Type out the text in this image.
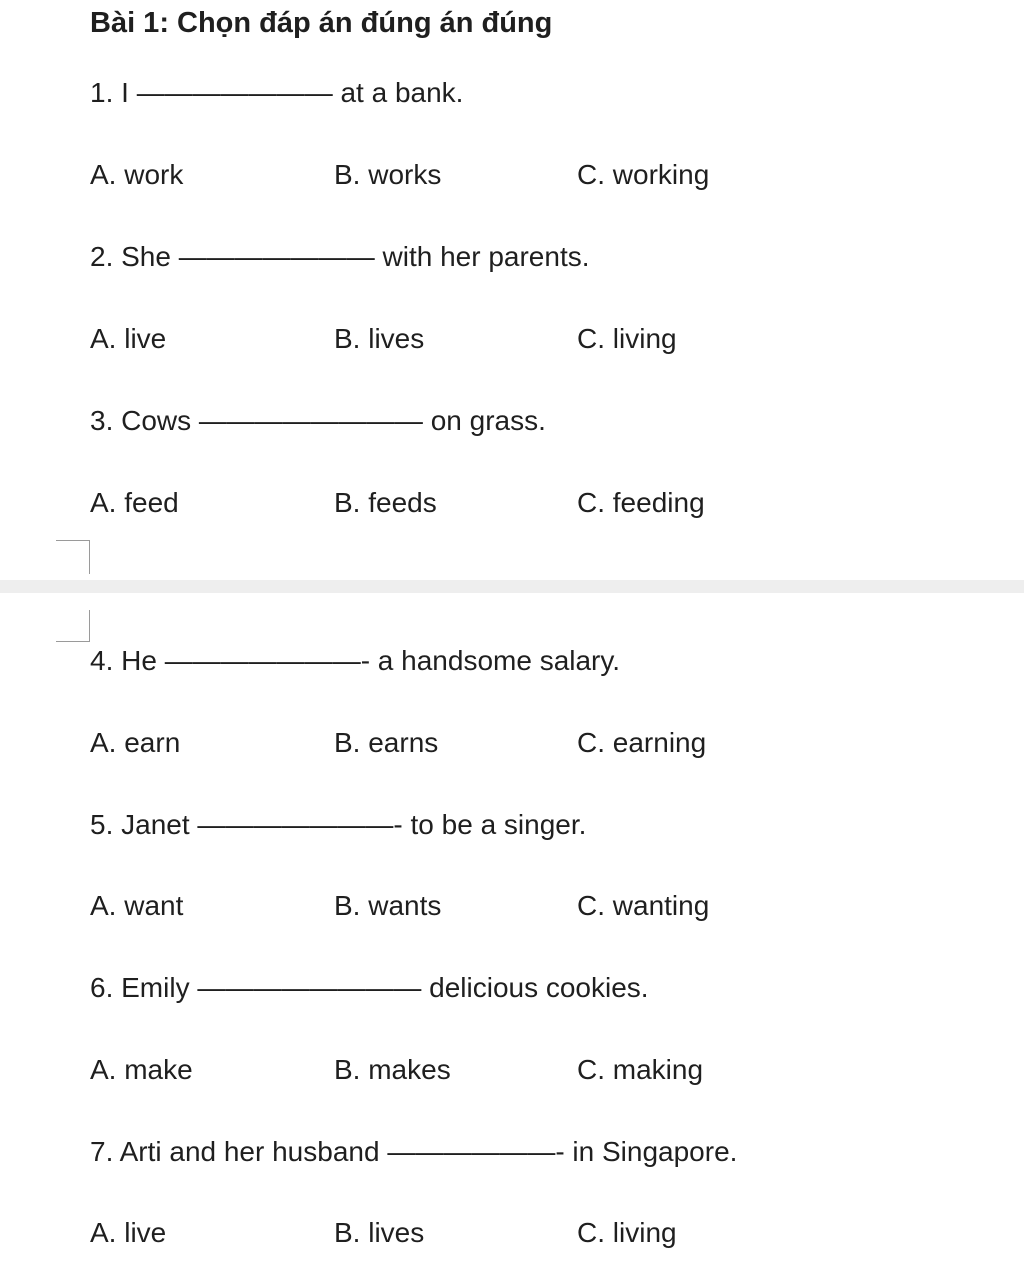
Bài 1: Chọn đáp án đúng án đúng
1. I ——————— at a bank.
A. work	B. works	C. working
2. She ——————— with her parents.
A. live	B. lives	C. living
3. Cows ———————— on grass.
A. feed	B. feeds	C. feeding
4. He ———————- a handsome salary.
A. earn	B. earns	C. earning
5. Janet ———————- to be a singer.
A. want	B. wants	C. wanting
6. Emily ———————— delicious cookies.
A. make	B. makes	C. making
7. Arti and her husband ——————- in Singapore.
A. live	B. lives	C. living
